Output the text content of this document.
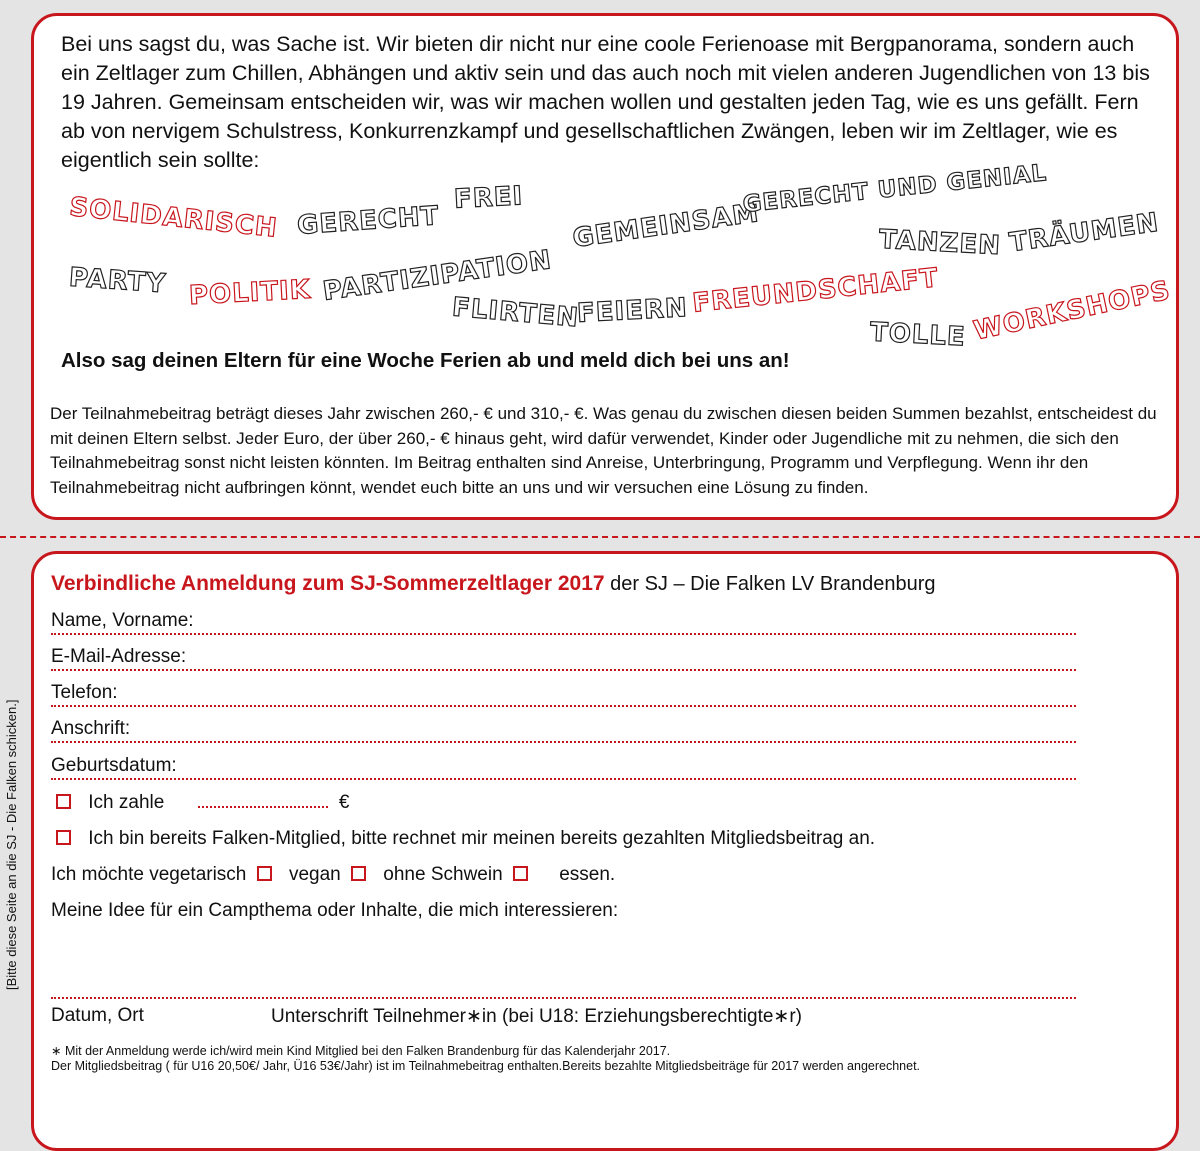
Bei uns sagst du, was Sache ist. Wir bieten dir nicht nur eine coole Ferienoase mit Bergpanorama, sondern auch ein Zeltlager zum Chillen, Abhängen und aktiv sein und das auch noch mit vielen anderen Jugendlichen von 13 bis 19 Jahren. Gemeinsam entscheiden wir, was wir machen wollen und gestalten jeden Tag, wie es uns gefällt. Fern ab von nervigem Schulstress, Konkurrenzkampf und gesellschaftlichen Zwängen, leben wir im Zeltlager, wie es eigentlich sein sollte:
SOLIDARISCH GERECHT
FREI
GEMEINSAM
GERECHT UND GENIAL
TANZEN TRÄUMEN
PARTY POLITIK PARTIZIPATION
FLIRTEN
FEIERN FREUNDSCHAFT
TOLLE WORKSHOPS
Also sag deinen Eltern für eine Woche Ferien ab und meld dich bei uns an!
Der Teilnahmebeitrag beträgt dieses Jahr zwischen 260,- € und 310,- €. Was genau du zwischen diesen beiden Summen bezahlst, entscheidest du mit deinen Eltern selbst. Jeder Euro, der über 260,- € hinaus geht, wird dafür verwendet, Kinder oder Jugendliche mit zu nehmen, die sich den Teilnahmebeitrag sonst nicht leisten könnten. Im Beitrag enthalten sind Anreise, Unterbringung, Programm und Verpflegung. Wenn ihr den Teilnahmebeitrag nicht aufbringen könnt, wendet euch bitte an uns und wir versuchen eine Lösung zu finden.
[Bitte diese Seite an die SJ - Die Falken schicken.]
Verbindliche Anmeldung zum SJ-Sommerzeltlager 2017 der SJ – Die Falken LV Brandenburg
Name, Vorname:
E-Mail-Adresse:
Telefon:
Anschrift:
Geburtsdatum:
Ich zahle	€
Ich bin bereits Falken-Mitglied, bitte rechnet mir meinen bereits gezahlten Mitgliedsbeitrag an.
Ich möchte vegetarisch vegan ohne Schwein	essen.
Meine Idee für ein Campthema oder Inhalte, die mich interessieren:
Datum, Ort	Unterschrift Teilnehmer∗in (bei U18: Erziehungsberechtigte∗r)
∗ Mit der Anmeldung werde ich/wird mein Kind Mitglied bei den Falken Brandenburg für das Kalenderjahr 2017.
Der Mitgliedsbeitrag ( für U16 20,50€/ Jahr, Ü16 53€/Jahr) ist im Teilnahmebeitrag enthalten.Bereits bezahlte Mitgliedsbeiträge für 2017 werden angerechnet.
